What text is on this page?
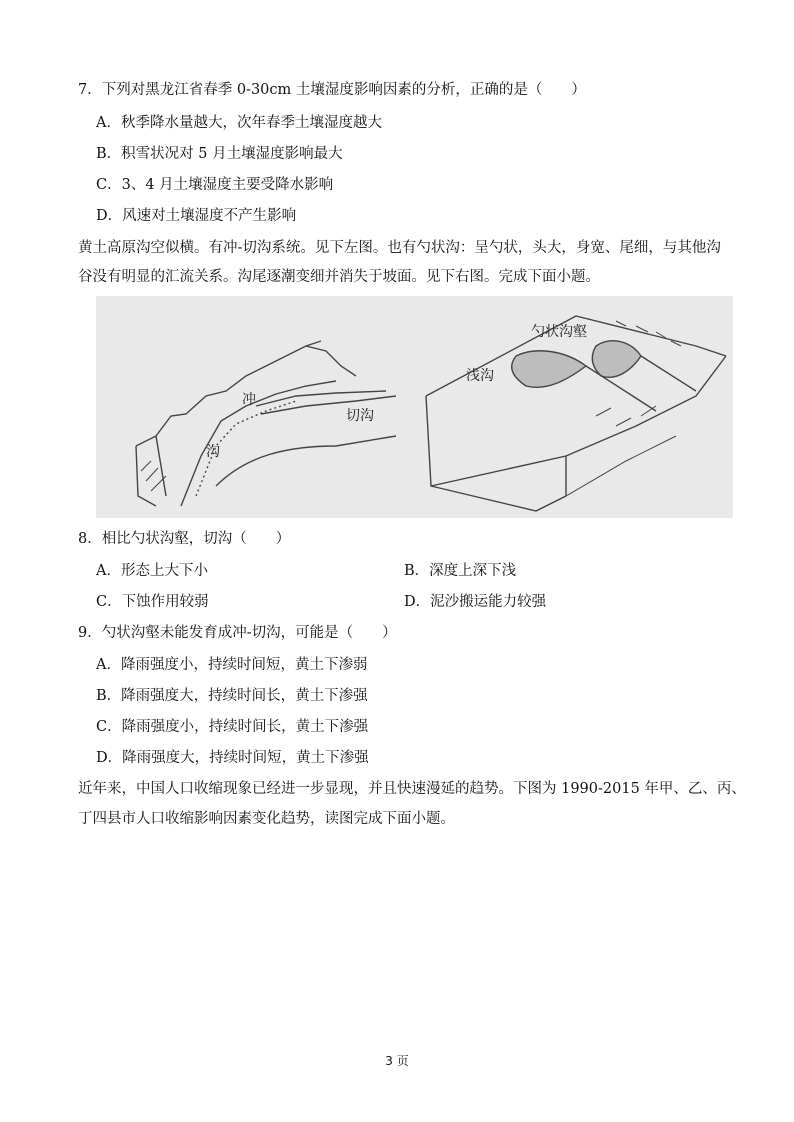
7．下列对黑龙江省春季 0-30cm 土壤湿度影响因素的分析，正确的是（　　）
A．秋季降水量越大，次年春季土壤湿度越大
B．积雪状况对 5 月土壤湿度影响最大
C．3、4 月土壤湿度主要受降水影响
D．风速对土壤湿度不产生影响
黄土高原沟空似横。有冲-切沟系统。见下左图。也有勺状沟：呈勺状，头大，身宽、尾细，与其他沟
谷没有明显的汇流关系。沟尾逐潮变细并消失于坡面。见下右图。完成下面小题。
冲
沟
切沟
勺状沟壑
浅沟
8．相比勺状沟壑，切沟（　　）
A．形态上大下小	B．深度上深下浅
C．下蚀作用较弱	D．泥沙搬运能力较强
9．勺状沟壑未能发育成冲-切沟，可能是（　　）
A．降雨强度小，持续时间短，黄土下渗弱
B．降雨强度大，持续时间长，黄土下渗强
C．降雨强度小，持续时间长，黄土下渗强
D．降雨强度大，持续时间短，黄土下渗强
近年来，中国人口收缩现象已经进一步显现，并且快速漫延的趋势。下图为 1990-2015 年甲、乙、丙、
丁四县市人口收缩影响因素变化趋势，读图完成下面小题。
3 页
